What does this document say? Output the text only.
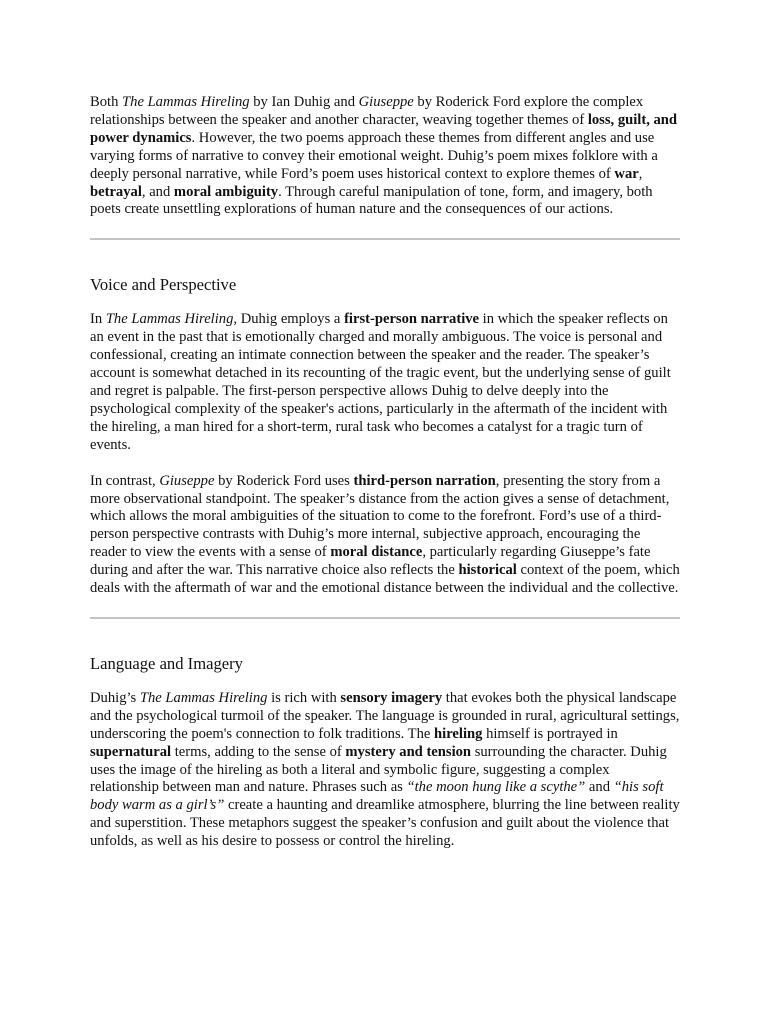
Both The Lammas Hireling by Ian Duhig and Giuseppe by Roderick Ford explore the complex relationships between the speaker and another character, weaving together themes of loss, guilt, and power dynamics. However, the two poems approach these themes from different angles and use varying forms of narrative to convey their emotional weight. Duhig’s poem mixes folklore with a deeply personal narrative, while Ford’s poem uses historical context to explore themes of war, betrayal, and moral ambiguity. Through careful manipulation of tone, form, and imagery, both poets create unsettling explorations of human nature and the consequences of our actions.

Voice and Perspective

In The Lammas Hireling, Duhig employs a first-person narrative in which the speaker reflects on an event in the past that is emotionally charged and morally ambiguous. The voice is personal and confessional, creating an intimate connection between the speaker and the reader. The speaker’s account is somewhat detached in its recounting of the tragic event, but the underlying sense of guilt and regret is palpable. The first-person perspective allows Duhig to delve deeply into the psychological complexity of the speaker's actions, particularly in the aftermath of the incident with the hireling, a man hired for a short-term, rural task who becomes a catalyst for a tragic turn of events.

In contrast, Giuseppe by Roderick Ford uses third-person narration, presenting the story from a more observational standpoint. The speaker’s distance from the action gives a sense of detachment, which allows the moral ambiguities of the situation to come to the forefront. Ford’s use of a third-person perspective contrasts with Duhig’s more internal, subjective approach, encouraging the reader to view the events with a sense of moral distance, particularly regarding Giuseppe’s fate during and after the war. This narrative choice also reflects the historical context of the poem, which deals with the aftermath of war and the emotional distance between the individual and the collective.

Language and Imagery

Duhig’s The Lammas Hireling is rich with sensory imagery that evokes both the physical landscape and the psychological turmoil of the speaker. The language is grounded in rural, agricultural settings, underscoring the poem's connection to folk traditions. The hireling himself is portrayed in supernatural terms, adding to the sense of mystery and tension surrounding the character. Duhig uses the image of the hireling as both a literal and symbolic figure, suggesting a complex relationship between man and nature. Phrases such as “the moon hung like a scythe” and “his soft body warm as a girl’s” create a haunting and dreamlike atmosphere, blurring the line between reality and superstition. These metaphors suggest the speaker’s confusion and guilt about the violence that unfolds, as well as his desire to possess or control the hireling.
